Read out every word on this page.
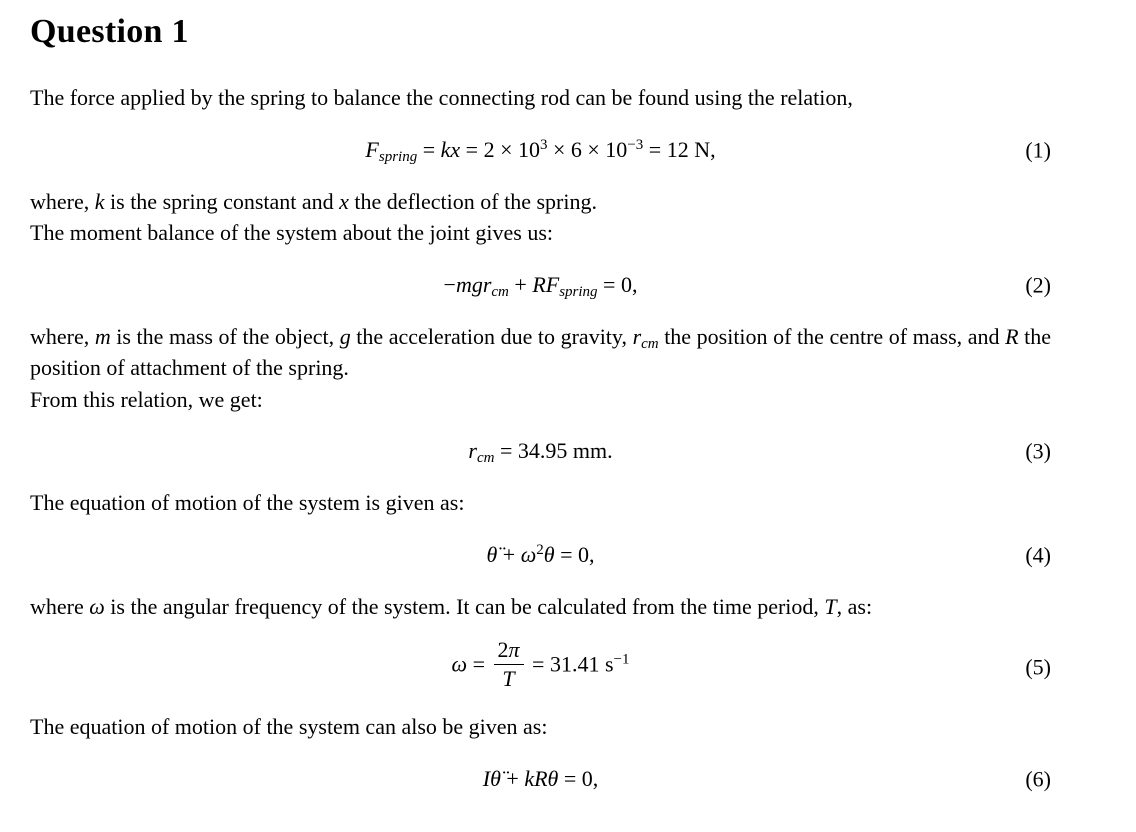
Question 1
The force applied by the spring to balance the connecting rod can be found using the relation,
$F_{spring}$ = kx = $2 \times 10^3 \times 6 \times 10^{-3} = 12$ N,	(1)
where, k is the spring constant and x the deflection of the spring.
The moment balance of the system about the joint gives us:
$-mgr_{cm} + RF_{spring} = 0$,	(2)
where, m is the mass of the object, g the acceleration due to gravity, $r_{cm}$ the position of the centre of mass, and R the position of attachment of the spring.
From this relation, we get:
$r_{cm} = 34.95$ mm.	(3)
The equation of motion of the system is given as:
θ̈ + $\omega^2\theta = 0$,	(4)
where ω is the angular frequency of the system. It can be calculated from the time period, T, as:
$\omega = \frac{2\pi}{T} = 31.41$ $s^{-1}$	(5)
The equation of motion of the system can also be given as:
Iθ̈ + kRθ = 0,	(6)
